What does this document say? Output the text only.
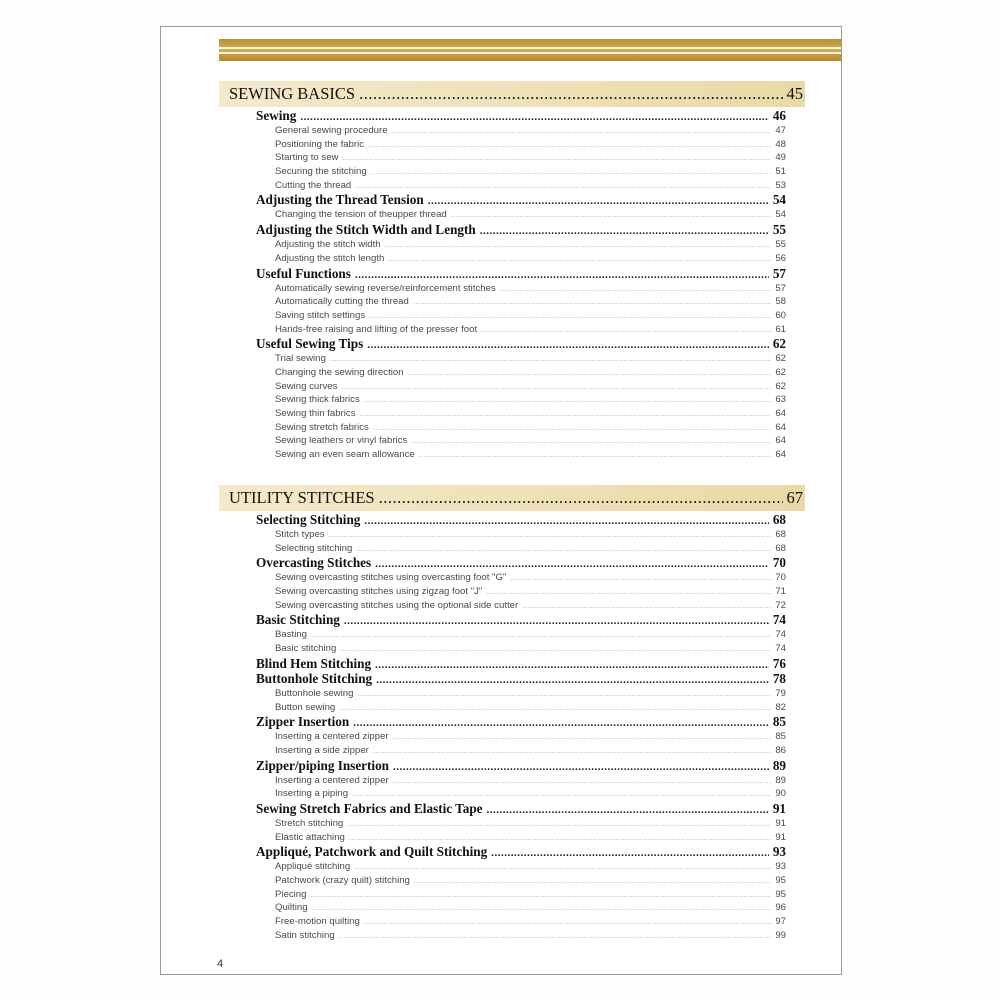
SEWING BASICS .....	45
Sewing .....	46
General sewing procedure .....	47
Positioning the fabric .....	48
Starting to sew .....	49
Securing the stitching .....	51
Cutting the thread .....	53
Adjusting the Thread Tension .....	54
Changing the tension of theupper thread .....	54
Adjusting the Stitch Width and Length .....	55
Adjusting the stitch width .....	55
Adjusting the stitch length .....	56
Useful Functions .....	57
Automatically sewing reverse/reinforcement stitches .....	57
Automatically cutting the thread .....	58
Saving stitch settings .....	60
Hands-free raising and lifting of the presser foot .....	61
Useful Sewing Tips .....	62
Trial sewing .....	62
Changing the sewing direction .....	62
Sewing curves .....	62
Sewing thick fabrics .....	63
Sewing thin fabrics .....	64
Sewing stretch fabrics .....	64
Sewing leathers or vinyl fabrics .....	64
Sewing an even seam allowance .....	64
UTILITY STITCHES .....	67
Selecting Stitching .....	68
Stitch types .....	68
Selecting stitching .....	68
Overcasting Stitches .....	70
Sewing overcasting stitches using overcasting foot "G" .....	70
Sewing overcasting stitches using zigzag foot "J" .....	71
Sewing overcasting stitches using the optional side cutter .....	72
Basic Stitching .....	74
Basting .....	74
Basic stitching .....	74
Blind Hem Stitching .....	76
Buttonhole Stitching .....	78
Buttonhole sewing .....	79
Button sewing .....	82
Zipper Insertion .....	85
Inserting a centered zipper .....	85
Inserting a side zipper .....	86
Zipper/piping Insertion .....	89
Inserting a centered zipper .....	89
Inserting a piping .....	90
Sewing Stretch Fabrics and Elastic Tape .....	91
Stretch stitching .....	91
Elastic attaching .....	91
Appliqué, Patchwork and Quilt Stitching .....	93
Appliqué stitching .....	93
Patchwork (crazy quilt) stitching .....	95
Piecing .....	95
Quilting .....	96
Free-motion quilting .....	97
Satin stitching .....	99
4
